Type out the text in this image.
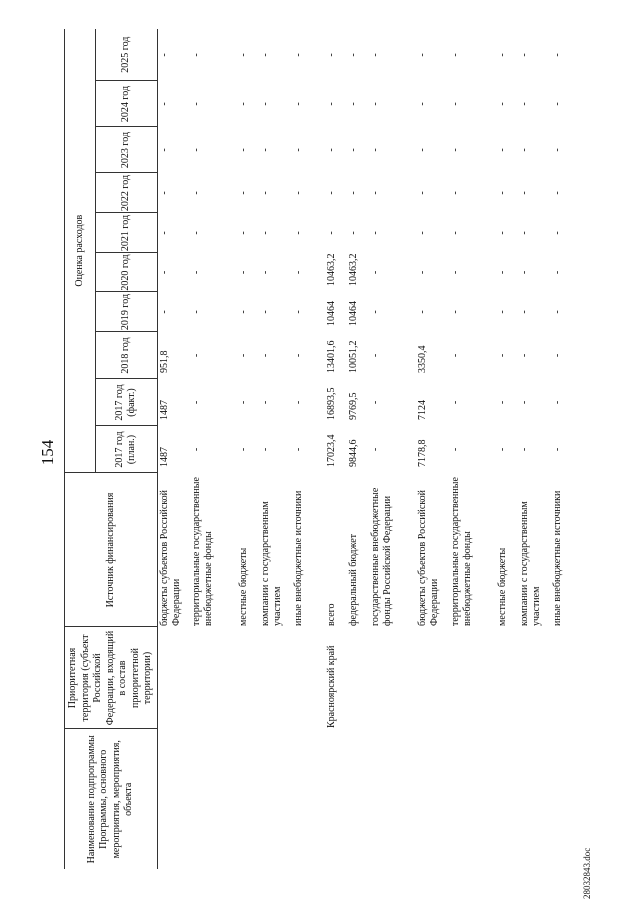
154
Наименование подпрограммы Программы, основного мероприятия, мероприятия, объекта	Приоритетная территория (субъект Российской Федерации, входящий в состав приоритетной территории)	Источник финансирования	Оценка расходов									
			2017 год (план.)	2017 год (факт.)	2018 год	2019 год	2020 год	2021 год	2022 год	2023 год	2024 год	2025 год
		бюджеты субъектов Российской Федерации	1487	1487	951,8	-	-	-	-	-	-	-
		территориальные государственные внебюджетные фонды	-	-	-	-	-	-	-	-	-	-
		местные бюджеты	-	-	-	-	-	-	-	-	-	-
		компании с государственным участием	-	-	-	-	-	-	-	-	-	-
		иные внебюджетные источники	-	-	-	-	-	-	-	-	-	-
	Красноярский край	всего	17023,4	16893,5	13401,6	10464	10463,2	-	-	-	-	-
		федеральный бюджет	9844,6	9769,5	10051,2	10464	10463,2	-	-	-	-	-
		государственные внебюджетные фонды Российской Федерации	-	-	-	-	-	-	-	-	-	-
		бюджеты субъектов Российской Федерации	7178,8	7124	3350,4	-	-	-	-	-	-	-
		территориальные государственные внебюджетные фонды	-	-	-	-	-	-	-	-	-	-
		местные бюджеты	-	-	-	-	-	-	-	-	-	-
		компании с государственным участием	-	-	-	-	-	-	-	-	-	-
		иные внебюджетные источники	-	-	-	-	-	-	-	-	-	-
28032843.doc
